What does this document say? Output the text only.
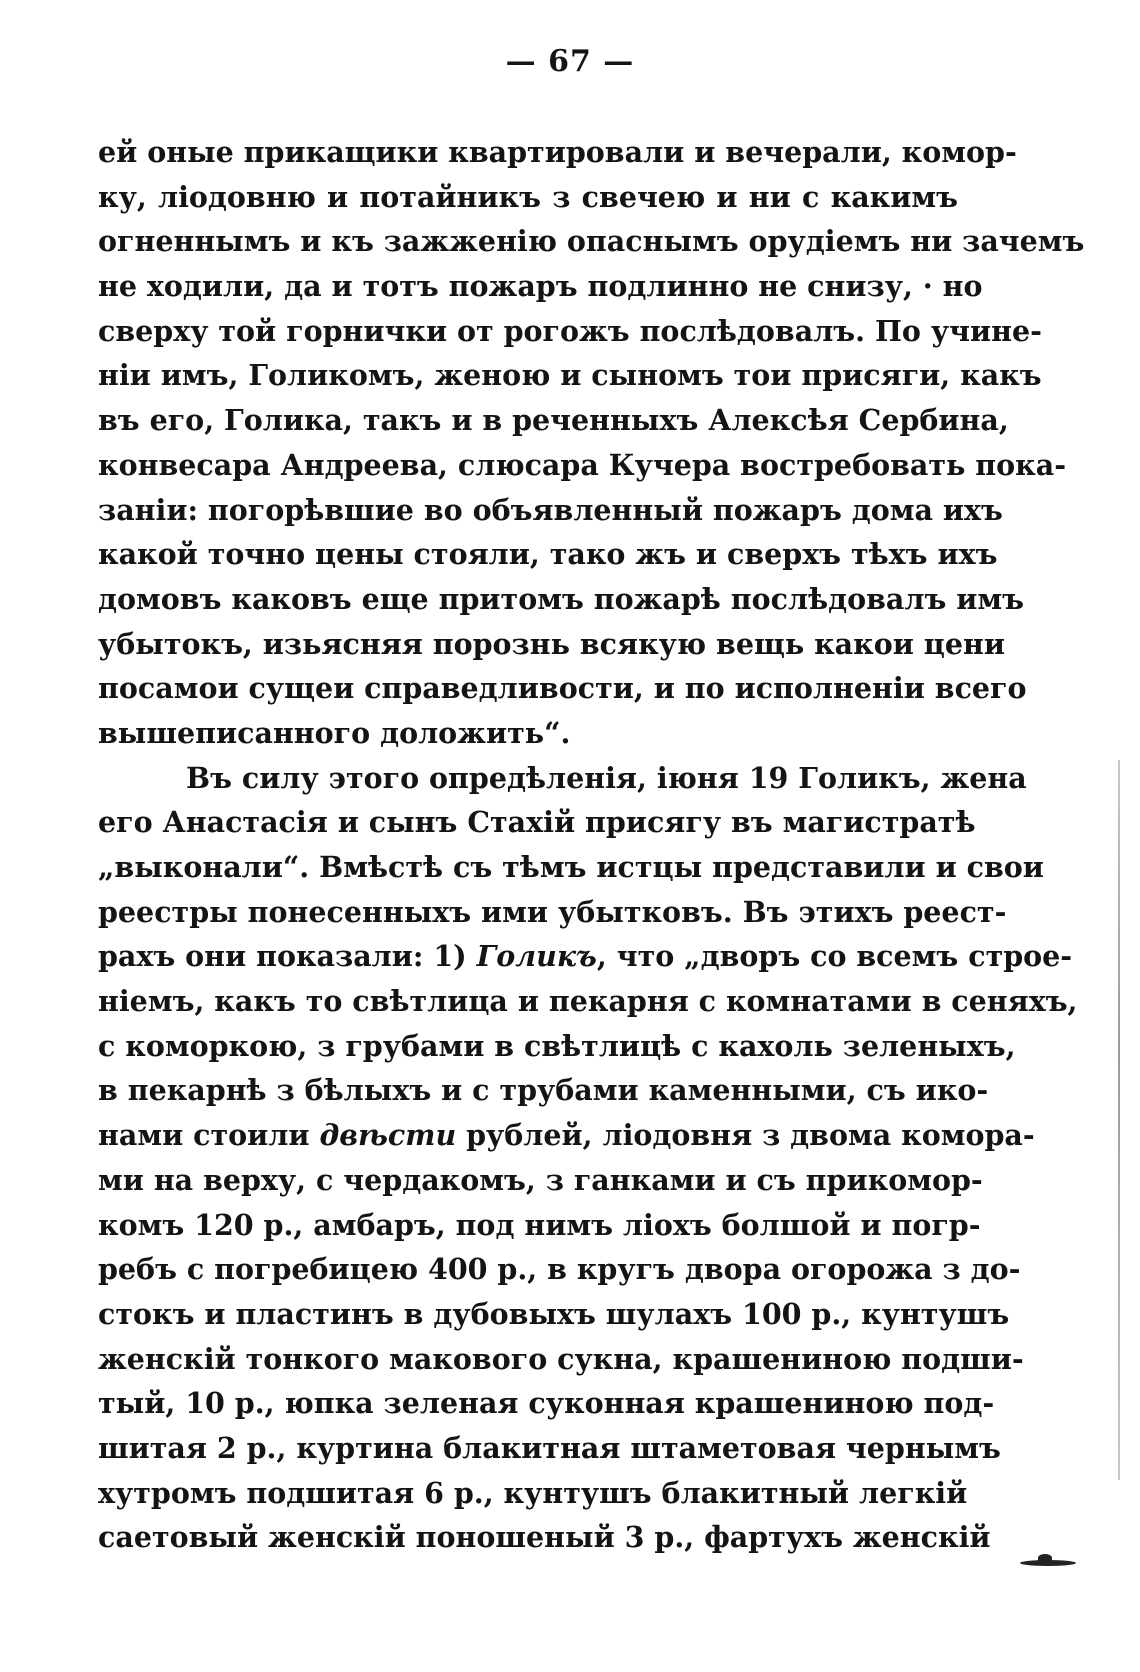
— 67 —
ей оные прикащики квартировали и вечерали, комор-
ку, ліодовню и потайникъ з свечею и ни с какимъ
огненнымъ и къ зажженію опаснымъ орудіемъ ни зачемъ
не ходили, да и тотъ пожаръ подлинно не снизу, · но
сверху той горнички от рогожъ послѣдовалъ. По учине-
ніи имъ, Голикомъ, женою и сыномъ тои присяги, какъ
въ его, Голика, такъ и в реченныхъ Алексѣя Сербина,
конвесара Андреева, слюсара Кучера востребовать пока-
заніи: погорѣвшие во объявленный пожаръ дома ихъ
какой точно цены стояли, тако жъ и сверхъ тѣхъ ихъ
домовъ каковъ еще притомъ пожарѣ послѣдовалъ имъ
убытокъ, изьясняя порознь всякую вещь какои цени
посамои сущеи справедливости, и по исполненіи всего
вышеписанного доложить“.
Въ силу этого опредѣленія, іюня 19 Голикъ, жена
его Анастасія и сынъ Стахій присягу въ магистратѣ
„выконали“. Вмѣстѣ съ тѣмъ истцы представили и свои
реестры понесенныхъ ими убытковъ. Въ этихъ реест-
рахъ они показали: 1) Голикъ, что „дворъ со всемъ строе-
ніемъ, какъ то свѣтлица и пекарня с комнатами в сеняхъ,
с коморкою, з грубами в свѣтлицѣ с кахоль зеленыхъ,
в пекарнѣ з бѣлыхъ и с трубами каменными, съ ико-
нами стоили двѣсти рублей, ліодовня з двома комора-
ми на верху, с чердакомъ, з ганками и съ прикомор-
комъ 120 р., амбаръ, под нимъ ліохъ болшой и погр-
ребъ с погребицею 400 р., в кругъ двора огорожа з до-
стокъ и пластинъ в дубовыхъ шулахъ 100 р., кунтушъ
женскій тонкого макового сукна, крашениною подши-
тый, 10 р., юпка зеленая суконная крашениною под-
шитая 2 р., куртина блакитная штаметовая чернымъ
хутромъ подшитая 6 р., кунтушъ блакитный легкій
саетовый женскій поношеный 3 р., фартухъ женскій
